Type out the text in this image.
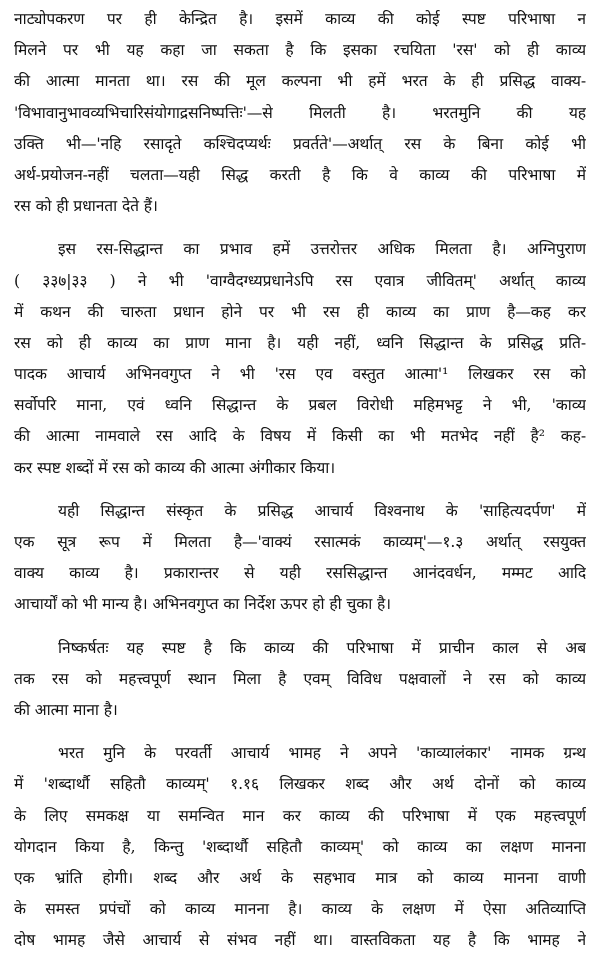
नाट्योपकरण पर ही केन्द्रित है। इसमें काव्य की कोई स्पष्ट परिभाषा न
मिलने पर भी यह कहा जा सकता है कि इसका रचयिता 'रस' को ही काव्य
की आत्मा मानता था। रस की मूल कल्पना भी हमें भरत के ही प्रसिद्ध वाक्य-
'विभावानुभावव्यभिचारिसंयोगाद्रसनिष्पत्तिः'—से मिलती है। भरतमुनि की यह
उक्ति भी—'नहि रसादृते कश्चिदप्यर्थः प्रवर्तते'—अर्थात् रस के बिना कोई भी
अर्थ-प्रयोजन-नहीं चलता—यही सिद्ध करती है कि वे काव्य की परिभाषा में
रस को ही प्रधानता देते हैं।
इस रस-सिद्धान्त का प्रभाव हमें उत्तरोत्तर अधिक मिलता है। अग्निपुराण
( ३३७|३३ ) ने भी 'वाग्वैदग्ध्यप्रधानेऽपि रस एवात्र जीवितम्' अर्थात् काव्य
में कथन की चारुता प्रधान होने पर भी रस ही काव्य का प्राण है—कह कर
रस को ही काव्य का प्राण माना है। यही नहीं, ध्वनि सिद्धान्त के प्रसिद्ध प्रति-
पादक आचार्य अभिनवगुप्त ने भी 'रस एव वस्तुत आत्मा'¹ लिखकर रस को
सर्वोपरि माना, एवं ध्वनि सिद्धान्त के प्रबल विरोधी महिमभट्ट ने भी, 'काव्य
की आत्मा नामवाले रस आदि के विषय में किसी का भी मतभेद नहीं है² कह-
कर स्पष्ट शब्दों में रस को काव्य की आत्मा अंगीकार किया।
यही सिद्धान्त संस्कृत के प्रसिद्ध आचार्य विश्वनाथ के 'साहित्यदर्पण' में
एक सूत्र रूप में मिलता है—'वाक्यं रसात्मकं काव्यम्'—१.३ अर्थात् रसयुक्त
वाक्य काव्य है। प्रकारान्तर से यही रससिद्धान्त आनंदवर्धन, मम्मट आदि
आचार्यों को भी मान्य है। अभिनवगुप्त का निर्देश ऊपर हो ही चुका है।
निष्कर्षतः यह स्पष्ट है कि काव्य की परिभाषा में प्राचीन काल से अब
तक रस को महत्त्वपूर्ण स्थान मिला है एवम् विविध पक्षवालों ने रस को काव्य
की आत्मा माना है।
भरत मुनि के परवर्ती आचार्य भामह ने अपने 'काव्यालंकार' नामक ग्रन्थ
में 'शब्दार्थौ सहितौ काव्यम्' १.१६ लिखकर शब्द और अर्थ दोनों को काव्य
के लिए समकक्ष या समन्वित मान कर काव्य की परिभाषा में एक महत्त्वपूर्ण
योगदान किया है, किन्तु 'शब्दार्थौ सहितौ काव्यम्' को काव्य का लक्षण मानना
एक भ्रांति होगी। शब्द और अर्थ के सहभाव मात्र को काव्य मानना वाणी
के समस्त प्रपंचों को काव्य मानना है। काव्य के लक्षण में ऐसा अतिव्याप्ति
दोष भामह जैसे आचार्य से संभव नहीं था। वास्तविकता यह है कि भामह ने
